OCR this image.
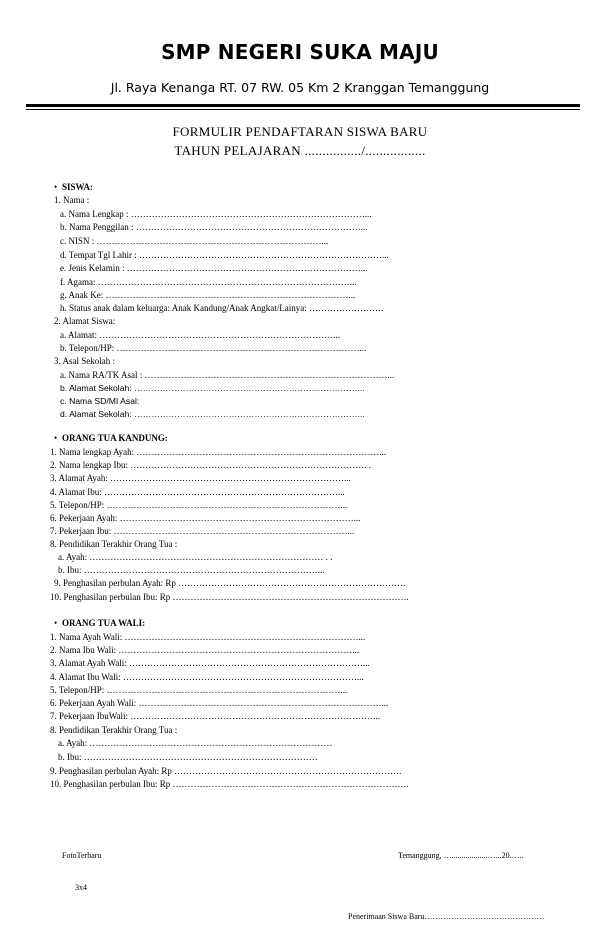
SMP NEGERI SUKA MAJU
Jl. Raya Kenanga RT. 07 RW. 05 Km 2 Kranggan Temanggung
FORMULIR PENDAFTARAN SISWA BARU
TAHUN PELAJARAN ................/.................
• SISWA:
1. Nama :
a. Nama Lengkap : ……………………………………………………………………...
b. Nama Penggilan : …………………………………………………………………...
c. NISN : …………………………………………………………………...
d. Tempat Tgl Lahir : ………………………………………………………………………...
e. Jenis Kelamin : ……………………………………………………………………...
f. Agama: …………………………………………………………………………...
g. Anak Ke: ………………………………………………………………………...
h. Status anak dalam keluarga: Anak Kandung/Anak Angkat/Lainya: …………………….
2. Alamat Siswa:
a. Alamat: ……………………………………………………………………...
b. Telepon/HP: ………………………………………………………………………...
3. Asal Sekolah :
a. Nama RA/TK Asal : ………………………………………………………………………...
b. Alamat Sekolah: ……………………………………………………………………...
c. Nama SD/MI Asal:
d. Alamat Sekolah: ……………………………………………………………………...
• ORANG TUA KANDUNG:
1. Nama lengkap Ayah: ………………………………………………………………………...
2. Nama lengkap Ibu: ……………………………………………………………………. .
3. Alamat Ayah: ……………………………………………………………………...
4. Alamat Ibu: ……………………………………………………………………...
5. Telepon/HP: ……………………………………………………………………...
6. Pekerjaan Ayah: ……………………………………………………………………...
7. Pekerjaan Ibu: ……………………………………………………………………...
8. Pendidikan Terakhir Orang Tua :
a. Ayah: …………………………………………………………………… . .
b. Ibu: ……………………………………………………………………...
9. Penghasilan perbulan Ayah: Rp ………………………………………………………………….
10. Penghasilan perbulan Ibu: Rp …………………………………………………………………….
• ORANG TUA WALI:
1. Nama Ayah Wali: ……………………………………………………………………...
2. Nama Ibu Wali: ……………………………………………………………………...
3. Alamat Ayah Wali: ……………………………………………………………………...
4. Alamat Ibu Wali: ……………………………………………………………………...
5. Telepon/HP: ……………………………………………………………………...
6. Pekerjaan Ayah Wali: ………………………………………………………………………...
7. Pekerjaan IbuWali: ………………………………………………………………………...
8. Pendidikan Terakhir Orang Tua :
a. Ayah: ………………………………………………………………………
b. Ibu: ……………………………………………………………………
9. Penghasilan perbulan Ayah: Rp ………………………………………………………………….
10. Penghasilan perbulan Ibu: Rp …………………………………………………………………….
FotoTerbaru	Temanggung, …..................…...20.…..
3x4
Penerimaan Siswa Baru………………………………………
